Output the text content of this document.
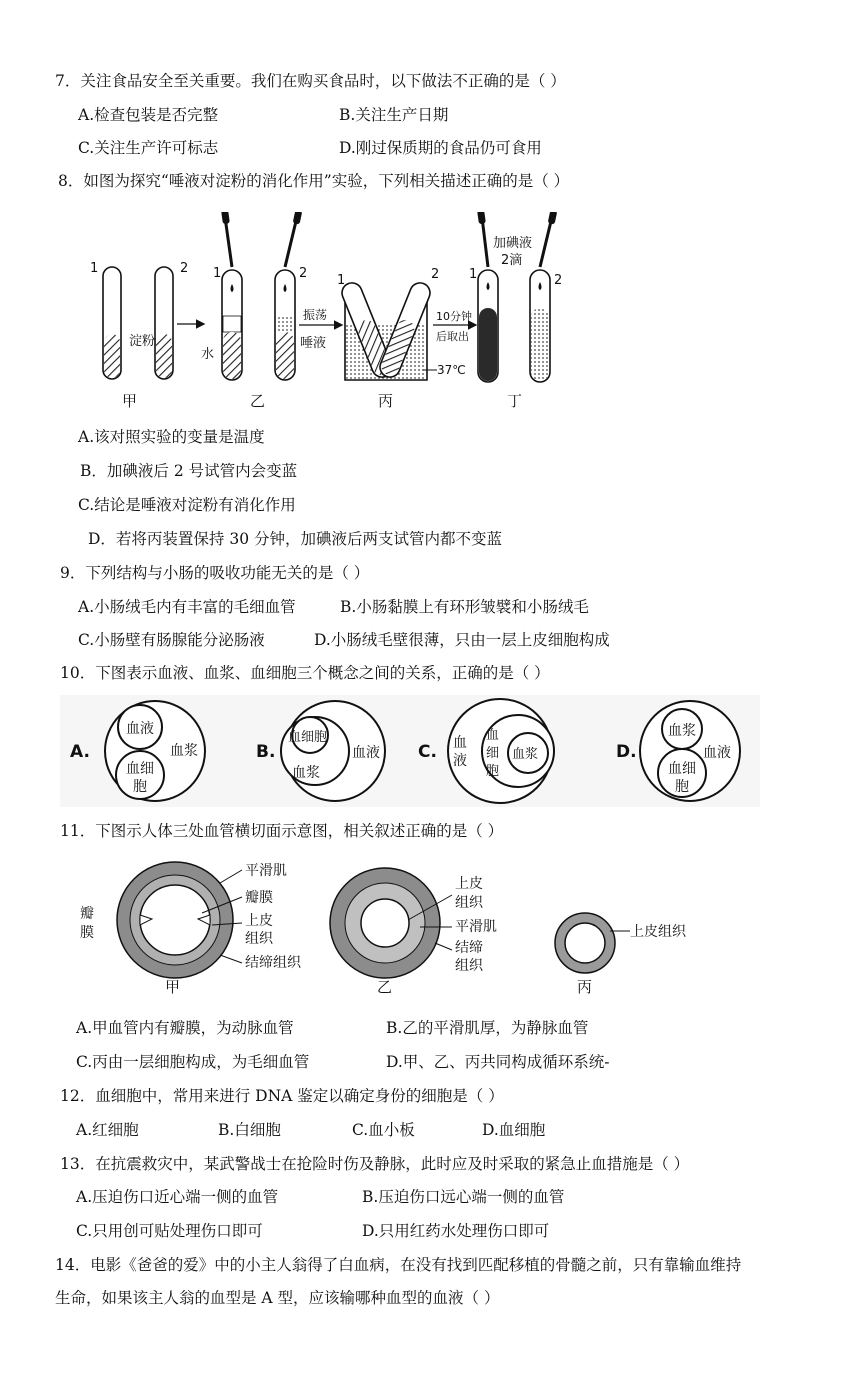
7．关注食品安全至关重要。我们在购买食品时，以下做法不正确的是（ ）
A.检查包装是否完整	B.关注生产日期
C.关注生产许可标志	D.刚过保质期的食品仍可食用
8．如图为探究“唾液对淀粉的消化作用”实验，下列相关描述正确的是（ ）
1	2
淀粉
甲
1	2
水
唾液
乙
振荡
1	2
37℃
丙
10分钟
后取出
加碘液
2滴
1	2
丁
A.该对照实验的变量是温度
B．加碘液后 2 号试管内会变蓝
C.结论是唾液对淀粉有消化作用
D．若将丙装置保持 30 分钟，加碘液后两支试管内都不变蓝
9．下列结构与小肠的吸收功能无关的是（ ）
A.小肠绒毛内有丰富的毛细血管	B.小肠黏膜上有环形皱襞和小肠绒毛
C.小肠壁有肠腺能分泌肠液	D.小肠绒毛壁很薄，只由一层上皮细胞构成
10．下图表示血液、血浆、血细胞三个概念之间的关系，正确的是（ ）
A.
血液
血浆
血细
胞
B.
血细胞
血浆
血液 C. 血
液
血
细
胞
血浆	D.
血浆
血液
血细
胞
11．下图示人体三处血管横切面示意图，相关叙述正确的是（ ）
平滑肌
瓣膜
上皮
组织
结缔组织
瓣
膜
甲
上皮
组织
平滑肌
结缔
组织
乙
上皮组织
丙
A.甲血管内有瓣膜，为动脉血管	B.乙的平滑肌厚，为静脉血管
C.丙由一层细胞构成，为毛细血管	D.甲、乙、丙共同构成循环系统-
12．血细胞中，常用来进行 DNA 鉴定以确定身份的细胞是（ ）
A.红细胞	B.白细胞	C.血小板	D.血细胞
13．在抗震救灾中，某武警战士在抢险时伤及静脉，此时应及时采取的紧急止血措施是（ ）
A.压迫伤口近心端一侧的血管	B.压迫伤口远心端一侧的血管
C.只用创可贴处理伤口即可	D.只用红药水处理伤口即可
14．电影《爸爸的爱》中的小主人翁得了白血病，在没有找到匹配移植的骨髓之前，只有靠输血维持
生命，如果该主人翁的血型是 A 型，应该输哪种血型的血液（ ）
